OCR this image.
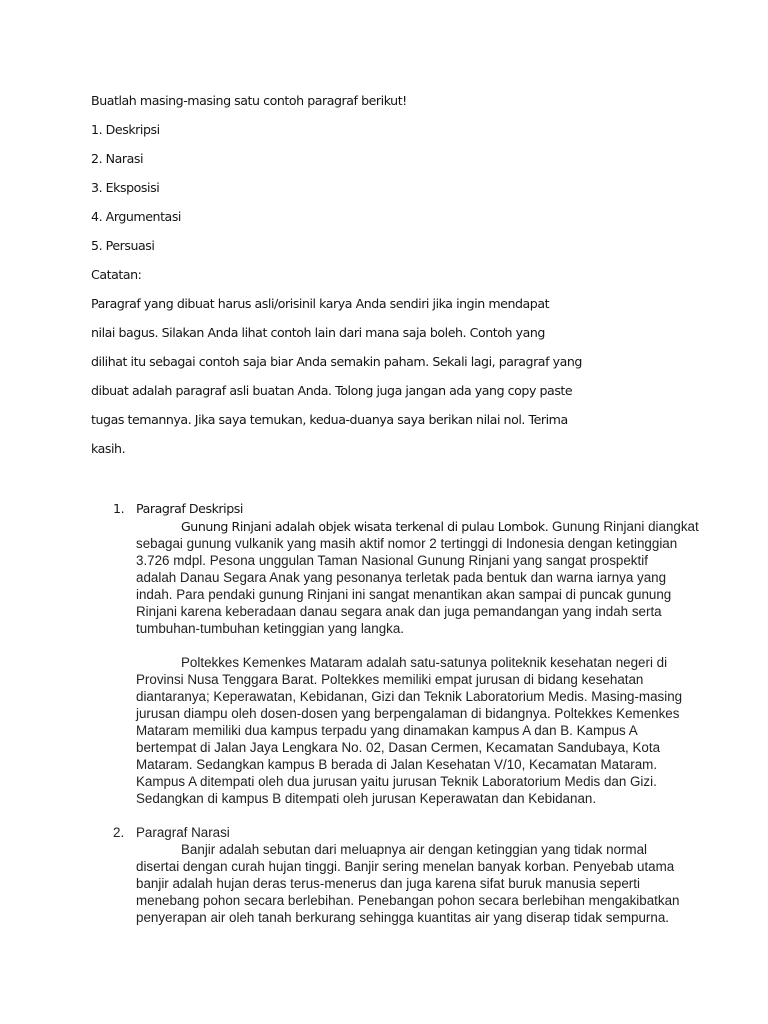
Buatlah masing-masing satu contoh paragraf berikut!
1. Deskripsi
2. Narasi
3. Eksposisi
4. Argumentasi
5. Persuasi
Catatan:
Paragraf yang dibuat harus asli/orisinil karya Anda sendiri jika ingin mendapat
nilai bagus. Silakan Anda lihat contoh lain dari mana saja boleh. Contoh yang
dilihat itu sebagai contoh saja biar Anda semakin paham. Sekali lagi, paragraf yang
dibuat adalah paragraf asli buatan Anda. Tolong juga jangan ada yang copy paste
tugas temannya. Jika saya temukan, kedua-duanya saya berikan nilai nol. Terima
kasih.
1. Paragraf Deskripsi
Gunung Rinjani adalah objek wisata terkenal di pulau Lombok. Gunung Rinjani diangkat
sebagai gunung vulkanik yang masih aktif nomor 2 tertinggi di Indonesia dengan ketinggian
3.726 mdpl. Pesona unggulan Taman Nasional Gunung Rinjani yang sangat prospektif
adalah Danau Segara Anak yang pesonanya terletak pada bentuk dan warna iarnya yang
indah. Para pendaki gunung Rinjani ini sangat menantikan akan sampai di puncak gunung
Rinjani karena keberadaan danau segara anak dan juga pemandangan yang indah serta
tumbuhan-tumbuhan ketinggian yang langka.
Poltekkes Kemenkes Mataram adalah satu-satunya politeknik kesehatan negeri di
Provinsi Nusa Tenggara Barat. Poltekkes memiliki empat jurusan di bidang kesehatan
diantaranya; Keperawatan, Kebidanan, Gizi dan Teknik Laboratorium Medis. Masing-masing
jurusan diampu oleh dosen-dosen yang berpengalaman di bidangnya. Poltekkes Kemenkes
Mataram memiliki dua kampus terpadu yang dinamakan kampus A dan B. Kampus A
bertempat di Jalan Jaya Lengkara No. 02, Dasan Cermen, Kecamatan Sandubaya, Kota
Mataram. Sedangkan kampus B berada di Jalan Kesehatan V/10, Kecamatan Mataram.
Kampus A ditempati oleh dua jurusan yaitu jurusan Teknik Laboratorium Medis dan Gizi.
Sedangkan di kampus B ditempati oleh jurusan Keperawatan dan Kebidanan.
2. Paragraf Narasi
Banjir adalah sebutan dari meluapnya air dengan ketinggian yang tidak normal
disertai dengan curah hujan tinggi. Banjir sering menelan banyak korban. Penyebab utama
banjir adalah hujan deras terus-menerus dan juga karena sifat buruk manusia seperti
menebang pohon secara berlebihan. Penebangan pohon secara berlebihan mengakibatkan
penyerapan air oleh tanah berkurang sehingga kuantitas air yang diserap tidak sempurna.
